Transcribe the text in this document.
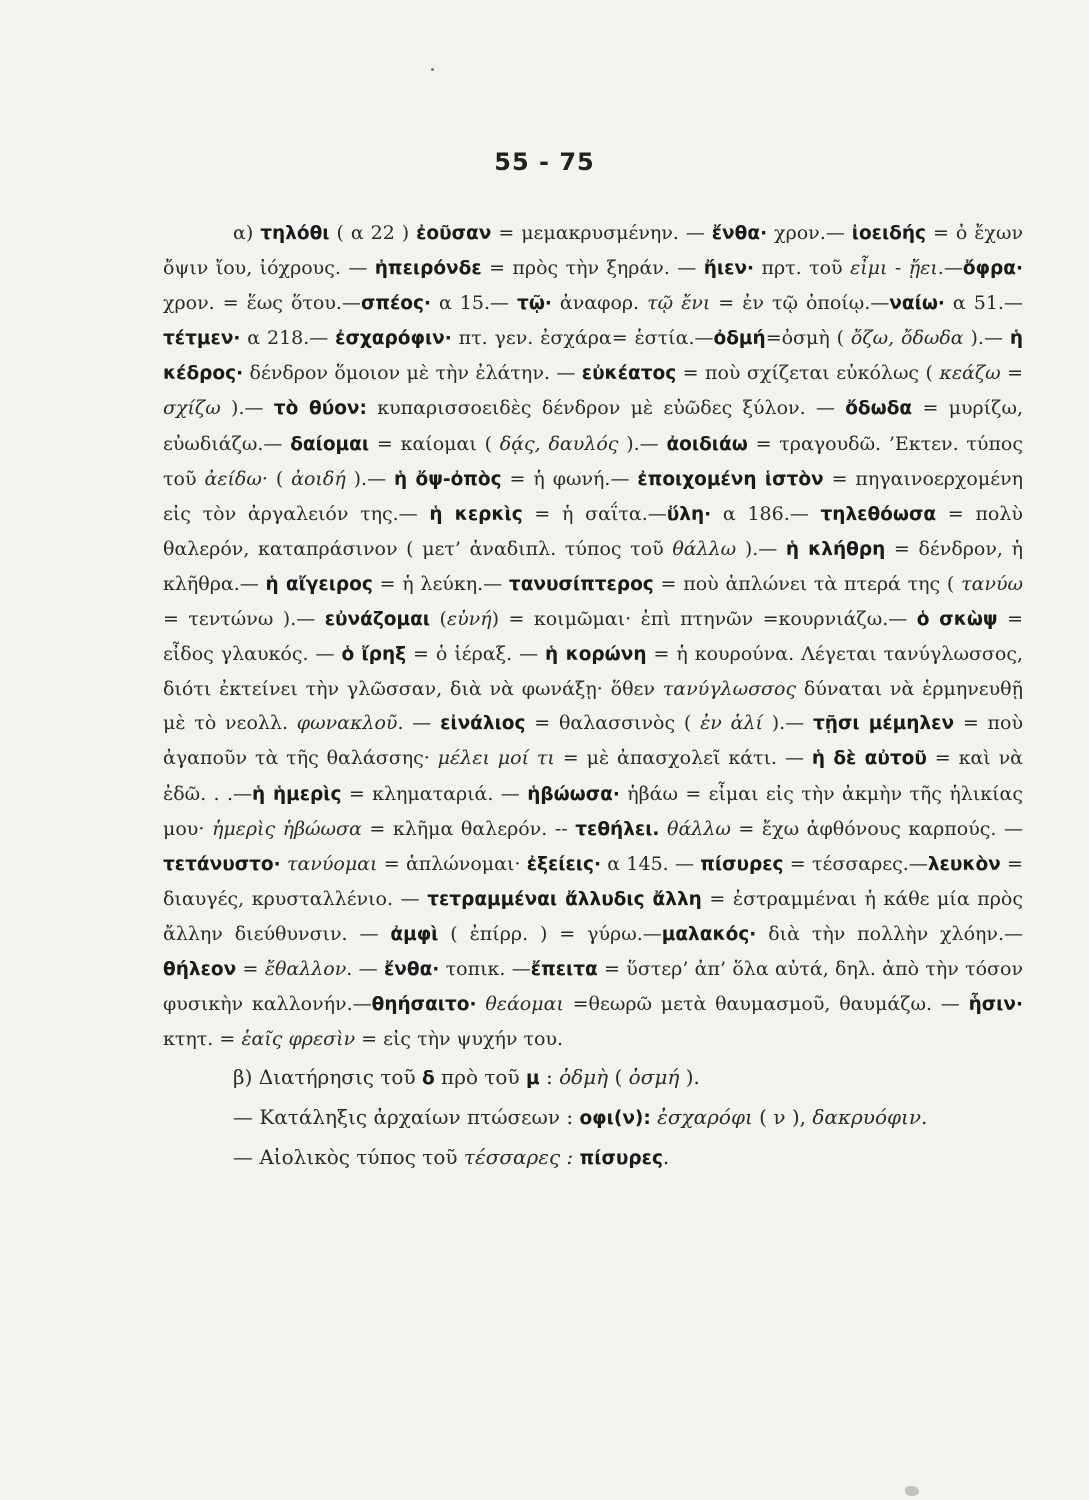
55 - 75

α) τηλόθι ( α 22 ) ἐοῦσαν = μεμακρυσμένην. — ἔνθα· χρον.— ἰοειδής = ὁ ἔχων ὄψιν ἴου, ἰόχρους. — ἠπειρόνδε = πρὸς τὴν ξηράν. — ἤιεν· πρτ. τοῦ εἶμι - ᾔει.—ὄφρα· χρον. = ἕως ὅτου.—σπέος· α 15.— τῷ· ἀναφορ. τῷ ἔνι = ἐν τῷ ὁποίῳ.—ναίω· α 51.—τέτμεν· α 218.— ἐσχαρόφιν· πτ. γεν. ἐσχάρα= ἑστία.—ὀδμή=ὀσμὴ ( ὄζω, ὄδωδα ).— ἡ κέδρος· δένδρον ὅμοιον μὲ τὴν ἐλάτην. — εὐκέατος = ποὺ σχίζεται εὐκόλως ( κεάζω = σχίζω ).— τὸ θύον: κυπαρισσοειδὲς δένδρον μὲ εὐῶδες ξύλον. — ὄδωδα = μυρίζω, εὐωδιάζω.— δαίομαι = καίομαι ( δᾴς, δαυλός ).— ἀοιδιάω = τραγουδῶ. ’Εκτεν. τύπος τοῦ ἀείδω· ( ἀοιδή ).— ἡ ὄψ-ὀπὸς = ἡ φωνή.— ἐποιχομένη ἱστὸν = πηγαινοερχομένη εἰς τὸν ἀργαλειόν της.— ἡ κερκὶς = ἡ σαΐτα.—ὕλη· α 186.— τηλεθόωσα = πολὺ θαλερόν, καταπράσινον ( μετ’ ἀναδιπλ. τύπος τοῦ θάλλω ).— ἡ κλήθρη = δένδρον, ἡ κλῆθρα.— ἡ αἴγειρος = ἡ λεύκη.— τανυσίπτερος = ποὺ ἁπλώνει τὰ πτερά της ( τανύω = τεντώνω ).— εὐνάζομαι (εὐνή) = κοιμῶμαι· ἐπὶ πτηνῶν =κουρνιάζω.— ὁ σκὼψ = εἶδος γλαυκός. — ὁ ἴρηξ = ὁ ἱέραξ. — ἡ κορώνη = ἡ κουρούνα. Λέγεται τανύγλωσσος, διότι ἐκτείνει τὴν γλῶσσαν, διὰ νὰ φωνάξῃ· ὅθεν τανύγλωσσος δύναται νὰ ἑρμηνευθῇ μὲ τὸ νεολλ. φωνακλοῦ. — εἰνάλιος = θαλασσινὸς ( ἐν ἁλί ).— τῇσι μέμηλεν = ποὺ ἀγαποῦν τὰ τῆς θαλάσσης· μέλει μοί τι = μὲ ἀπασχολεῖ κάτι. — ἡ δὲ αὐτοῦ = καὶ νὰ ἐδῶ. . .—ἡ ἡμερὶς = κληματαριά. — ἡβώωσα· ἡβάω = εἶμαι εἰς τὴν ἀκμὴν τῆς ἡλικίας μου· ἡμερὶς ἡβώωσα = κλῆμα θαλερόν. -- τεθήλει. θάλλω = ἔχω ἀφθόνους καρπούς. — τετάνυστο· τανύομαι = ἁπλώνομαι· ἐξείεις· α 145. — πίσυρες = τέσσαρες.—λευκὸν = διαυγές, κρυσταλλένιο. — τετραμμέναι ἄλλυδις ἄλλη = ἐστραμμέναι ἡ κάθε μία πρὸς ἄλλην διεύθυνσιν. — ἀμφὶ ( ἐπίρρ. ) = γύρω.—μαλακός· διὰ τὴν πολλὴν χλόην.—θήλεον = ἔθαλλον. — ἔνθα· τοπικ. —ἔπειτα = ὕστερ’ ἀπ’ ὅλα αὐτά, δηλ. ἀπὸ τὴν τόσον φυσικὴν καλλονήν.—θηήσαιτο· θεάομαι =θεωρῶ μετὰ θαυμασμοῦ, θαυμάζω. — ἧσιν· κτητ. = ἑαῖς φρεσὶν = εἰς τὴν ψυχήν του.

β) Διατήρησις τοῦ δ πρὸ τοῦ μ : ὀδμὴ ( ὀσμή ).

— Κατάληξις ἀρχαίων πτώσεων : οφι(ν): ἐσχαρόφι ( ν ), δακρυόφιν.

— Αἰολικὸς τύπος τοῦ τέσσαρες : πίσυρες.
